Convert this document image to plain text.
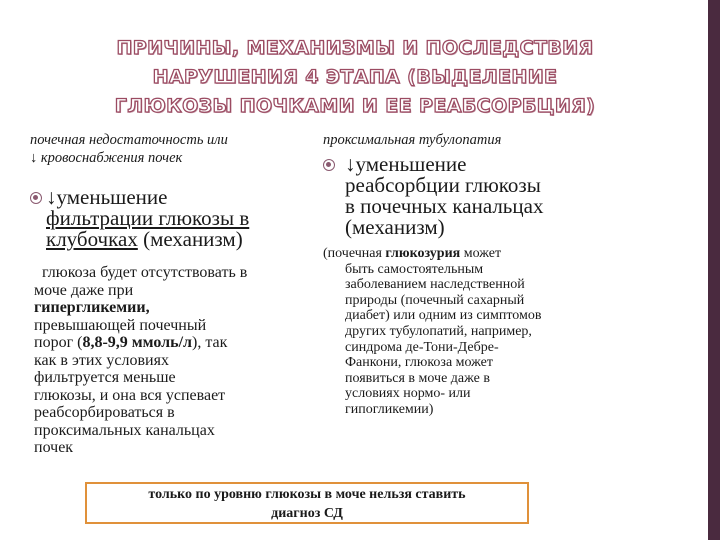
ПРИЧИНЫ, МЕХАНИЗМЫ И ПОСЛЕДСТВИЯ
НАРУШЕНИЯ 4 ЭТАПА (ВЫДЕЛЕНИЕ
ГЛЮКОЗЫ ПОЧКАМИ И ЕЕ РЕАБСОРБЦИЯ)

почечная недостаточность или
↓ кровоснабжения почек

↓уменьшение
фильтрации глюкозы в
клубочках (механизм)
глюкоза будет отсутствовать в
моче даже при
гипергликемии,
превышающей почечный
порог (8,8-9,9 ммоль/л), так
как в этих условиях
фильтруется меньше
глюкозы, и она вся успевает
реабсорбироваться в
проксимальных канальцах
почек

проксимальная тубулопатия

↓уменьшение
реабсорбции глюкозы
в почечных канальцах
(механизм)
(почечная глюкозурия может
быть самостоятельным
заболеванием наследственной
природы (почечный сахарный
диабет) или одним из симптомов
других тубулопатий, например,
синдрома де-Тони-Дебре-
Фанкони, глюкоза может
появиться в моче даже в
условиях нормо- или
гипогликемии)
только по уровню глюкозы в моче нельзя ставить
диагноз СД
